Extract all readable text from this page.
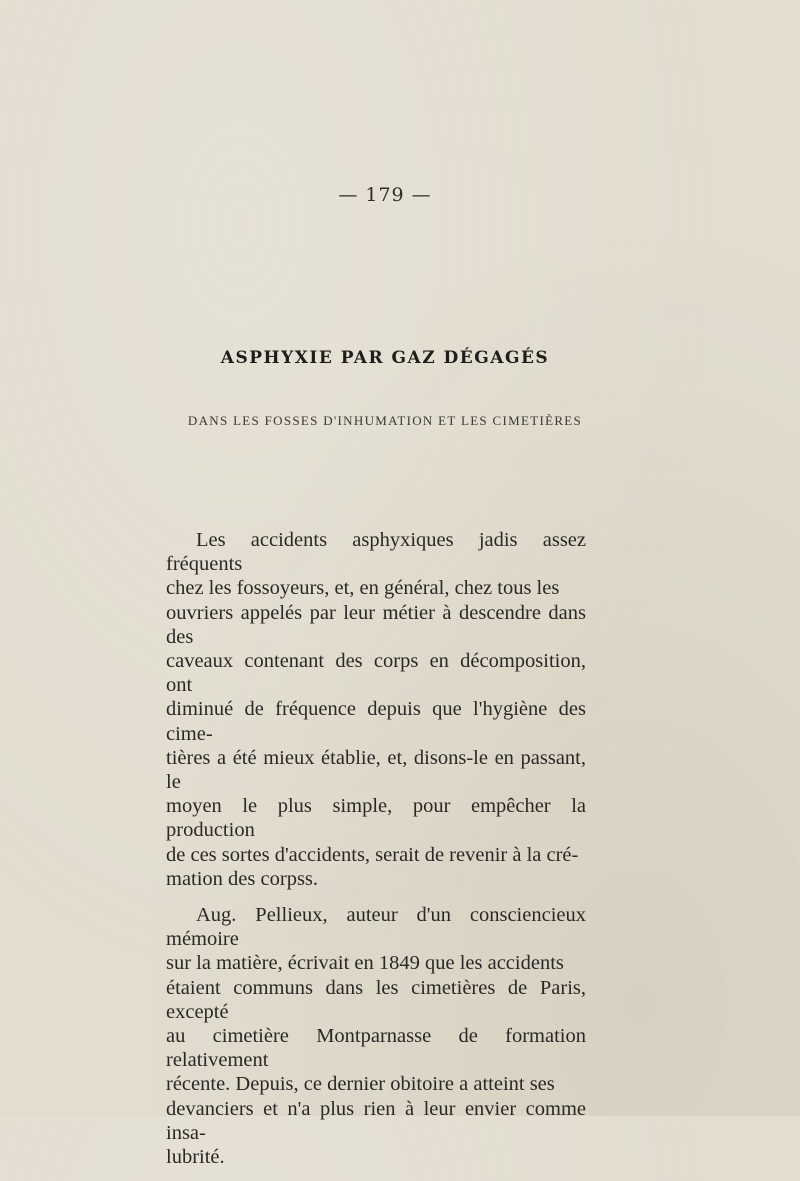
— 179 —
ASPHYXIE PAR GAZ DÉGAGÉS
DANS LES FOSSES D'INHUMATION ET LES CIMETIÈRES

Les accidents asphyxiques jadis assez fréquents
chez les fossoyeurs, et, en général, chez tous les
ouvriers appelés par leur métier à descendre dans des
caveaux contenant des corps en décomposition, ont
diminué de fréquence depuis que l'hygiène des cime-
tières a été mieux établie, et, disons-le en passant, le
moyen le plus simple, pour empêcher la production
de ces sortes d'accidents, serait de revenir à la cré-
mation des corpss.

Aug. Pellieux, auteur d'un consciencieux mémoire
sur la matière, écrivait en 1849 que les accidents
étaient communs dans les cimetières de Paris, excepté
au cimetière Montparnasse de formation relativement
récente. Depuis, ce dernier obitoire a atteint ses
devanciers et n'a plus rien à leur envier comme insa-
lubrité.
